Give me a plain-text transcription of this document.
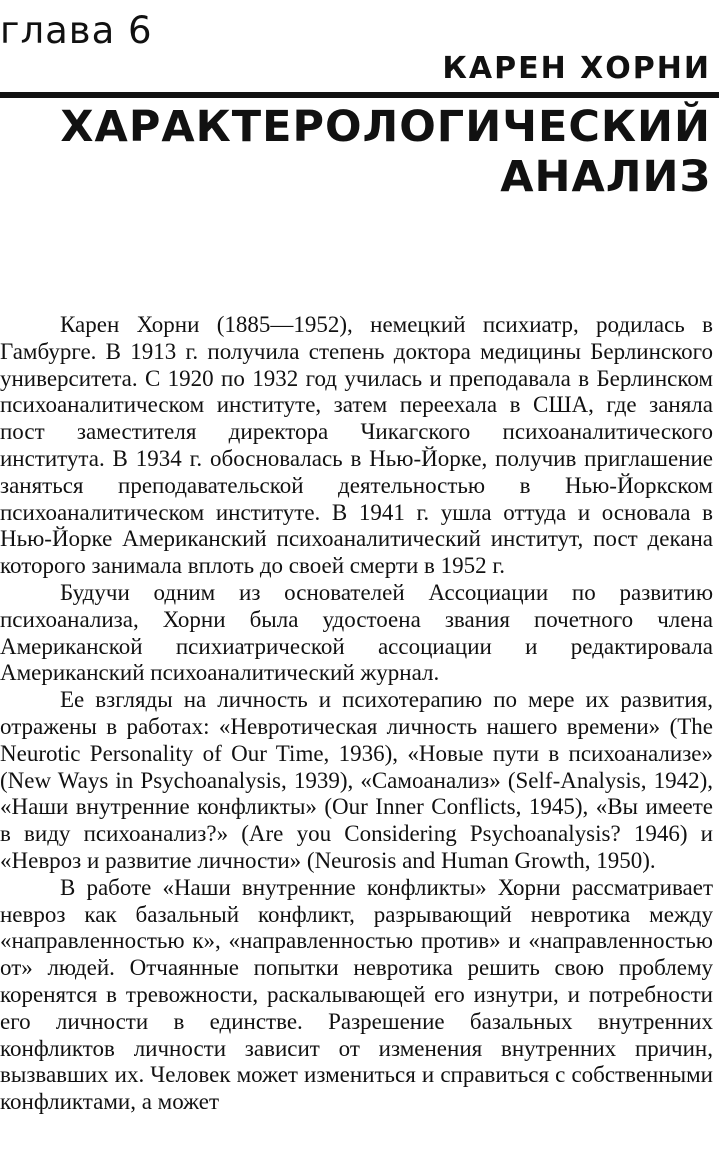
глава 6
КАРЕН ХОРНИ
ХАРАКТЕРОЛОГИЧЕСКИЙ
АНАЛИЗ

Карен Хорни (1885—1952), немецкий психиатр, родилась в Гамбурге. В 1913 г. получила степень доктора медицины Берлинского университета. С 1920 по 1932 год училась и преподавала в Берлинском психоаналитическом институте, затем переехала в США, где заняла пост заместителя директора Чикагского психоаналитического института. В 1934 г. обосновалась в Нью-Йорке, получив приглашение заняться преподавательской деятельностью в Нью-Йоркском психоаналитическом институте. В 1941 г. ушла оттуда и основала в Нью-Йорке Американский психоаналитический институт, пост декана которого занимала вплоть до своей смерти в 1952 г.

Будучи одним из основателей Ассоциации по развитию психоанализа, Хорни была удостоена звания почетного члена Американской психиатрической ассоциации и редактировала Американский психоаналитический журнал.

Ее взгляды на личность и психотерапию по мере их развития, отражены в работах: «Невротическая личность нашего времени» (The Neurotic Personality of Our Time, 1936), «Новые пути в психоанализе» (New Ways in Psychoanalysis, 1939), «Самоанализ» (Self-Analysis, 1942), «Наши внутренние конфликты» (Our Inner Conflicts, 1945), «Вы имеете в виду психоанализ?» (Are you Considering Psychoanalysis? 1946) и «Невроз и развитие личности» (Neurosis and Human Growth, 1950).

В работе «Наши внутренние конфликты» Хорни рассматривает невроз как базальный конфликт, разрывающий невротика между «направленностью к», «направленностью против» и «направленностью от» людей. Отчаянные попытки невротика решить свою проблему коренятся в тревожности, раскалывающей его изнутри, и потребности его личности в единстве. Разрешение базальных внутренних конфликтов личности зависит от изменения внутренних причин, вызвавших их. Человек может измениться и справиться с собственными конфликтами, а может
